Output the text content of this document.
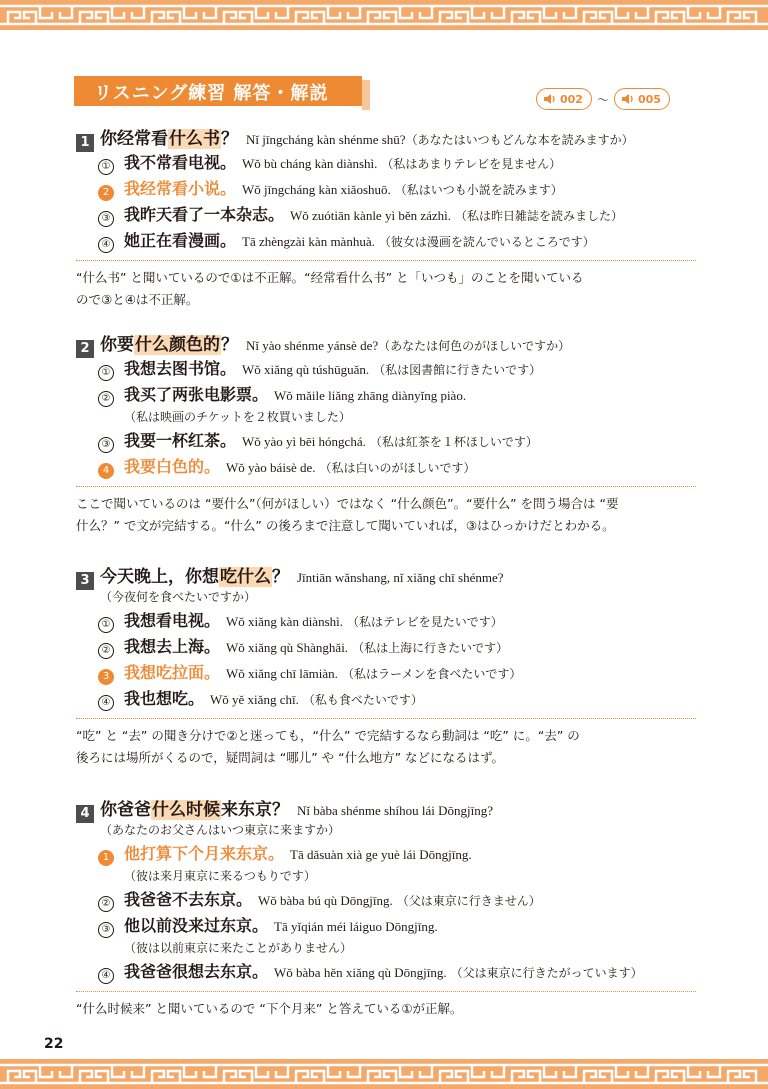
リスニング練習 解答・解説	002 ～	005
1 你经常看什么书？ Nǐ jīngcháng kàn shénme shū? （あなたはいつもどんな本を読みますか）
① 我不常看电视。 Wǒ bù cháng kàn diànshì. （私はあまりテレビを見ません）
2 我经常看小说。 Wǒ jīngcháng kàn xiǎoshuō. （私はいつも小説を読みます）
③ 我昨天看了一本杂志。 Wǒ zuótiān kànle yì běn zázhì. （私は昨日雑誌を読みました）
④ 她正在看漫画。 Tā zhèngzài kàn mànhuà. （彼女は漫画を読んでいるところです）
“什么书” と聞いているので①は不正解。“经常看什么书” と「いつも」のことを聞いている
ので③と④は不正解。
2 你要什么颜色的？ Nǐ yào shénme yánsè de? （あなたは何色のがほしいですか）
① 我想去图书馆。 Wǒ xiǎng qù túshūguǎn. （私は図書館に行きたいです）
② 我买了两张电影票。 Wǒ mǎile liǎng zhāng diànyǐng piào.
（私は映画のチケットを２枚買いました）
③ 我要一杯红茶。 Wǒ yào yì bēi hóngchá. （私は紅茶を１杯ほしいです）
4 我要白色的。 Wǒ yào báisè de. （私は白いのがほしいです）
ここで聞いているのは “要什么”（何がほしい）ではなく “什么颜色”。“要什么” を問う場合は “要
什么？” で文が完結する。“什么” の後ろまで注意して聞いていれば，③はひっかけだとわかる。
3 今天晚上，你想吃什么？ Jīntiān wǎnshang, nǐ xiǎng chī shénme?
（今夜何を食べたいですか）
① 我想看电视。 Wǒ xiǎng kàn diànshì. （私はテレビを見たいです）
② 我想去上海。 Wǒ xiǎng qù Shànghǎi. （私は上海に行きたいです）
3 我想吃拉面。 Wǒ xiǎng chī lāmiàn. （私はラーメンを食べたいです）
④ 我也想吃。 Wǒ yě xiǎng chī. （私も食べたいです）
“吃” と “去” の聞き分けで②と迷っても，“什么” で完結するなら動詞は “吃” に。“去” の
後ろには場所がくるので，疑問詞は “哪儿” や “什么地方” などになるはず。
4 你爸爸什么时候来东京？ Nǐ bàba shénme shíhou lái Dōngjīng?
（あなたのお父さんはいつ東京に来ますか）
1 他打算下个月来东京。 Tā dǎsuàn xià ge yuè lái Dōngjīng.
（彼は来月東京に来るつもりです）
② 我爸爸不去东京。 Wǒ bàba bú qù Dōngjīng. （父は東京に行きません）
③ 他以前没来过东京。 Tā yǐqián méi láiguo Dōngjīng.
（彼は以前東京に来たことがありません）
④ 我爸爸很想去东京。 Wǒ bàba hěn xiǎng qù Dōngjīng. （父は東京に行きたがっています）
“什么时候来” と聞いているので “下个月来” と答えている①が正解。
22
